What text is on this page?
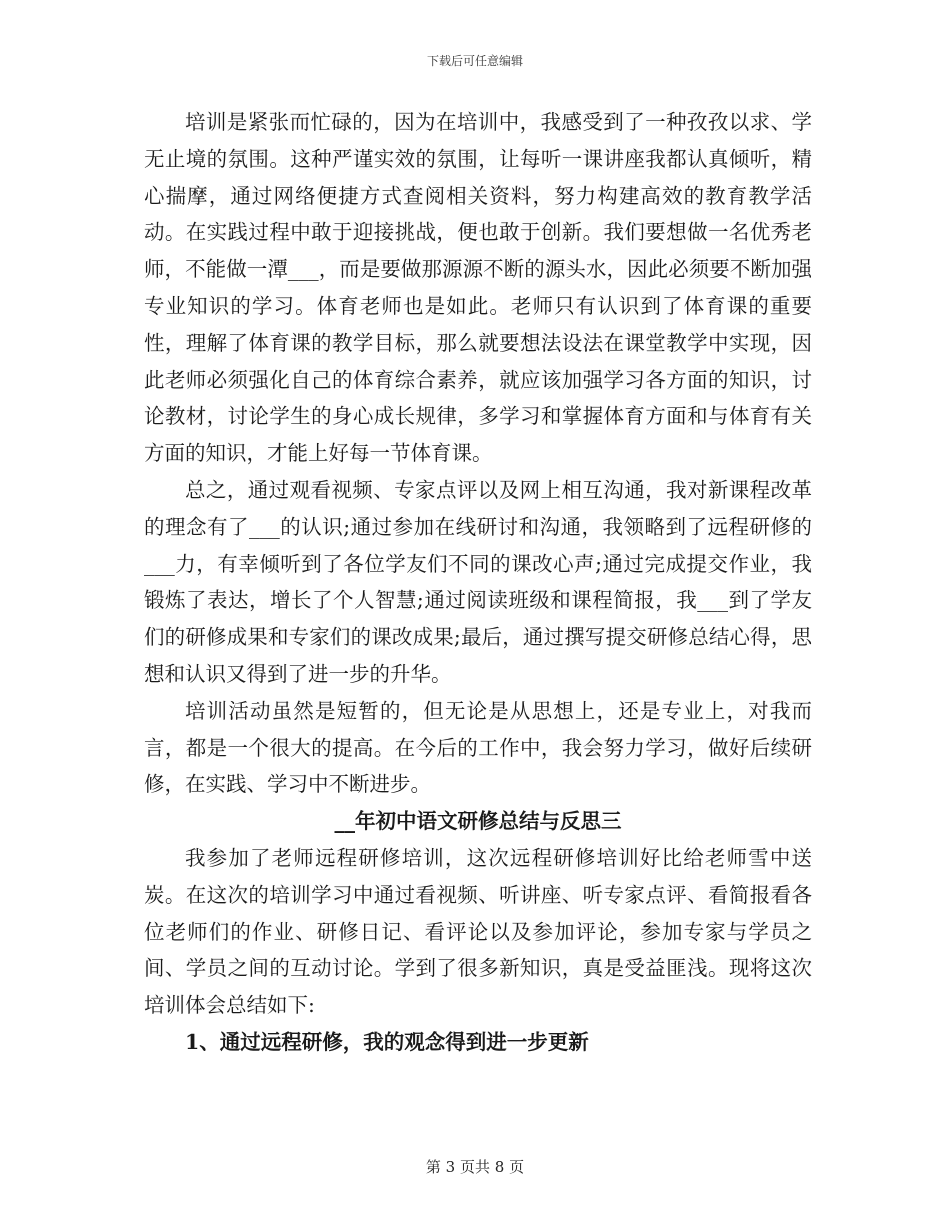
下载后可任意编辑

培训是紧张而忙碌的，因为在培训中，我感受到了一种孜孜以求、学无止境的氛围。这种严谨实效的氛围，让每听一课讲座我都认真倾听，精心揣摩，通过网络便捷方式查阅相关资料，努力构建高效的教育教学活动。在实践过程中敢于迎接挑战，便也敢于创新。我们要想做一名优秀老师，不能做一潭___，而是要做那源源不断的源头水，因此必须要不断加强专业知识的学习。体育老师也是如此。老师只有认识到了体育课的重要性，理解了体育课的教学目标，那么就要想法设法在课堂教学中实现，因此老师必须强化自己的体育综合素养，就应该加强学习各方面的知识，讨论教材，讨论学生的身心成长规律，多学习和掌握体育方面和与体育有关方面的知识，才能上好每一节体育课。

总之，通过观看视频、专家点评以及网上相互沟通，我对新课程改革的理念有了___的认识;通过参加在线研讨和沟通，我领略到了远程研修的___力，有幸倾听到了各位学友们不同的课改心声;通过完成提交作业，我锻炼了表达，增长了个人智慧;通过阅读班级和课程简报，我___到了学友们的研修成果和专家们的课改成果;最后，通过撰写提交研修总结心得，思想和认识又得到了进一步的升华。

培训活动虽然是短暂的，但无论是从思想上，还是专业上，对我而言，都是一个很大的提高。在今后的工作中，我会努力学习，做好后续研修，在实践、学习中不断进步。

__年初中语文研修总结与反思三

我参加了老师远程研修培训，这次远程研修培训好比给老师雪中送炭。在这次的培训学习中通过看视频、听讲座、听专家点评、看简报看各位老师们的作业、研修日记、看评论以及参加评论，参加专家与学员之间、学员之间的互动讨论。学到了很多新知识，真是受益匪浅。现将这次培训体会总结如下:

1、通过远程研修，我的观念得到进一步更新

第 3 页共 8 页
